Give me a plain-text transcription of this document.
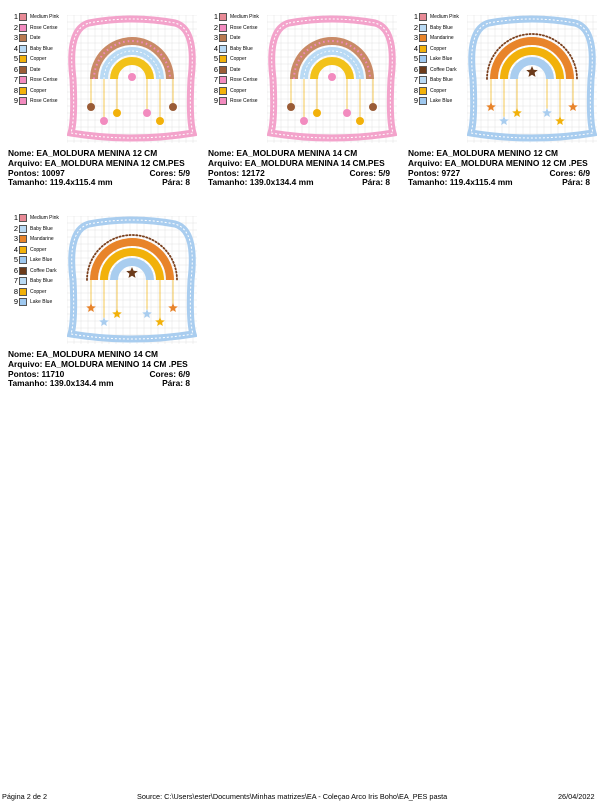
1 Medium Pink
2 Rose Cerise
3 Date
4 Baby Blue
5 Copper
6 Date
7 Rose Cerise
8 Copper
9 Rose Cerise
Nome: EA_MOLDURA MENINA 12 CM
Arquivo: EA_MOLDURA MENINA 12 CM.PES
Pontos: 10097	Cores: 5/9
Tamanho: 119.4x115.4 mm	Pára: 8
1 Medium Pink
2 Rose Cerise
3 Date
4 Baby Blue
5 Copper
6 Date
7 Rose Cerise
8 Copper
9 Rose Cerise
Nome: EA_MOLDURA MENINA 14 CM
Arquivo: EA_MOLDURA MENINA 14 CM.PES
Pontos: 12172	Cores: 5/9
Tamanho: 139.0x134.4 mm	Pára: 8
1 Medium Pink
2 Baby Blue
3 Mandarine
4 Copper
5 Lake Blue
6 Coffee Dark
7 Baby Blue
8 Copper
9 Lake Blue
Nome: EA_MOLDURA MENINO 12 CM
Arquivo: EA_MOLDURA MENINO 12 CM .PES
Pontos: 9727	Cores: 6/9
Tamanho: 119.4x115.4 mm	Pára: 8
1 Medium Pink
2 Baby Blue
3 Mandarine
4 Copper
5 Lake Blue
6 Coffee Dark
7 Baby Blue
8 Copper
9 Lake Blue
Nome: EA_MOLDURA MENINO 14 CM
Arquivo: EA_MOLDURA MENINO 14 CM .PES
Pontos: 11710	Cores: 6/9
Tamanho: 139.0x134.4 mm	Pára: 8
Página 2 de 2	Source: C:\Users\ester\Documents\Minhas matrizes\EA - Coleçao Arco Iris Boho\EA_PES pasta	26/04/2022
